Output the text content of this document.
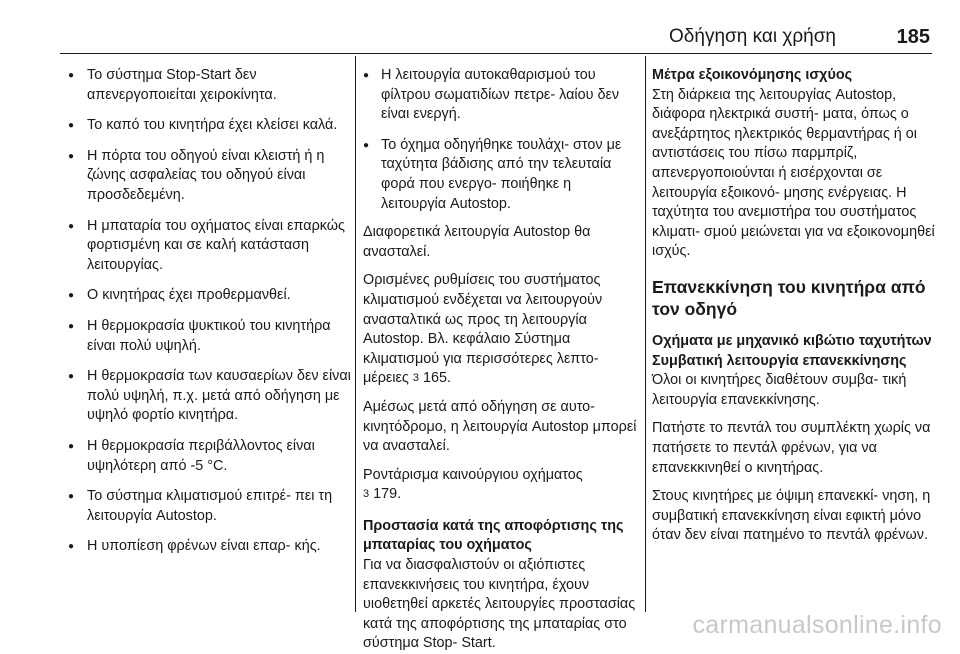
Οδήγηση και χρήση	185
● Το σύστημα Stop-Start δεν απενεργοποιείται χειροκίνητα.
● Το καπό του κινητήρα έχει κλείσει καλά.
● Η πόρτα του οδηγού είναι κλειστή ή η ζώνης ασφαλείας του οδηγού είναι προσδεδεμένη.
● Η μπαταρία του οχήματος είναι επαρκώς φορτισμένη και σε καλή κατάσταση λειτουργίας.
● Ο κινητήρας έχει προθερμανθεί.
● Η θερμοκρασία ψυκτικού του κινητήρα είναι πολύ υψηλή.
● Η θερμοκρασία των καυσαερίων δεν είναι πολύ υψηλή, π.χ. μετά από οδήγηση με υψηλό φορτίο κινητήρα.
● Η θερμοκρασία περιβάλλοντος είναι υψηλότερη από -5 °C.
● Το σύστημα κλιματισμού επιτρέ‐ πει τη λειτουργία Autostop.
● Η υποπίεση φρένων είναι επαρ‐ κής.
● Η λειτουργία αυτοκαθαρισμού του φίλτρου σωματιδίων πετρε‐ λαίου δεν είναι ενεργή.
● Το όχημα οδηγήθηκε τουλάχι‐ στον με ταχύτητα βάδισης από την τελευταία φορά που ενεργο‐ ποιήθηκε η λειτουργία Autostop.

Διαφορετικά λειτουργία Autostop θα ανασταλεί.

Ορισμένες ρυθμίσεις του συστήματος κλιματισμού ενδέχεται να λειτουργούν ανασταλτικά ως προς τη λειτουργία Autostop. Βλ. κεφάλαιο Σύστημα κλιματισμού για περισσότερες λεπτο‐ μέρειες 3 165.

Αμέσως μετά από οδήγηση σε αυτο‐ κινητόδρομο, η λειτουργία Autostop μπορεί να ανασταλεί.

Ροντάρισμα καινούργιου οχήματος
3 179.

Προστασία κατά της αποφόρτισης της μπαταρίας του οχήματος

Για να διασφαλιστούν οι αξιόπιστες επανεκκινήσεις του κινητήρα, έχουν υιοθετηθεί αρκετές λειτουργίες προστασίας κατά της αποφόρτισης της μπαταρίας στο σύστημα Stop- Start.

Μέτρα εξοικονόμησης ισχύος

Στη διάρκεια της λειτουργίας Autostop, διάφορα ηλεκτρικά συστή‐ ματα, όπως ο ανεξάρτητος ηλεκτρικός θερμαντήρας ή οι αντιστάσεις του πίσω παρμπρίζ, απενεργοποιούνται ή εισέρχονται σε λειτουργία εξοικονό‐ μησης ενέργειας. Η ταχύτητα του ανεμιστήρα του συστήματος κλιματι‐ σμού μειώνεται για να εξοικονομηθεί ισχύς.

Επανεκκίνηση του κινητήρα από τον οδηγό
Οχήματα με μηχανικό κιβώτιο ταχυτήτων
Συμβατική λειτουργία επανεκκίνησης

Όλοι οι κινητήρες διαθέτουν συμβα‐ τική λειτουργία επανεκκίνησης.

Πατήστε το πεντάλ του συμπλέκτη χωρίς να πατήσετε το πεντάλ φρένων, για να επανεκκινηθεί ο κινητήρας.

Στους κινητήρες με όψιμη επανεκκί‐ νηση, η συμβατική επανεκκίνηση είναι εφικτή μόνο όταν δεν είναι πατημένο το πεντάλ φρένων.

carmanualsonline.info
